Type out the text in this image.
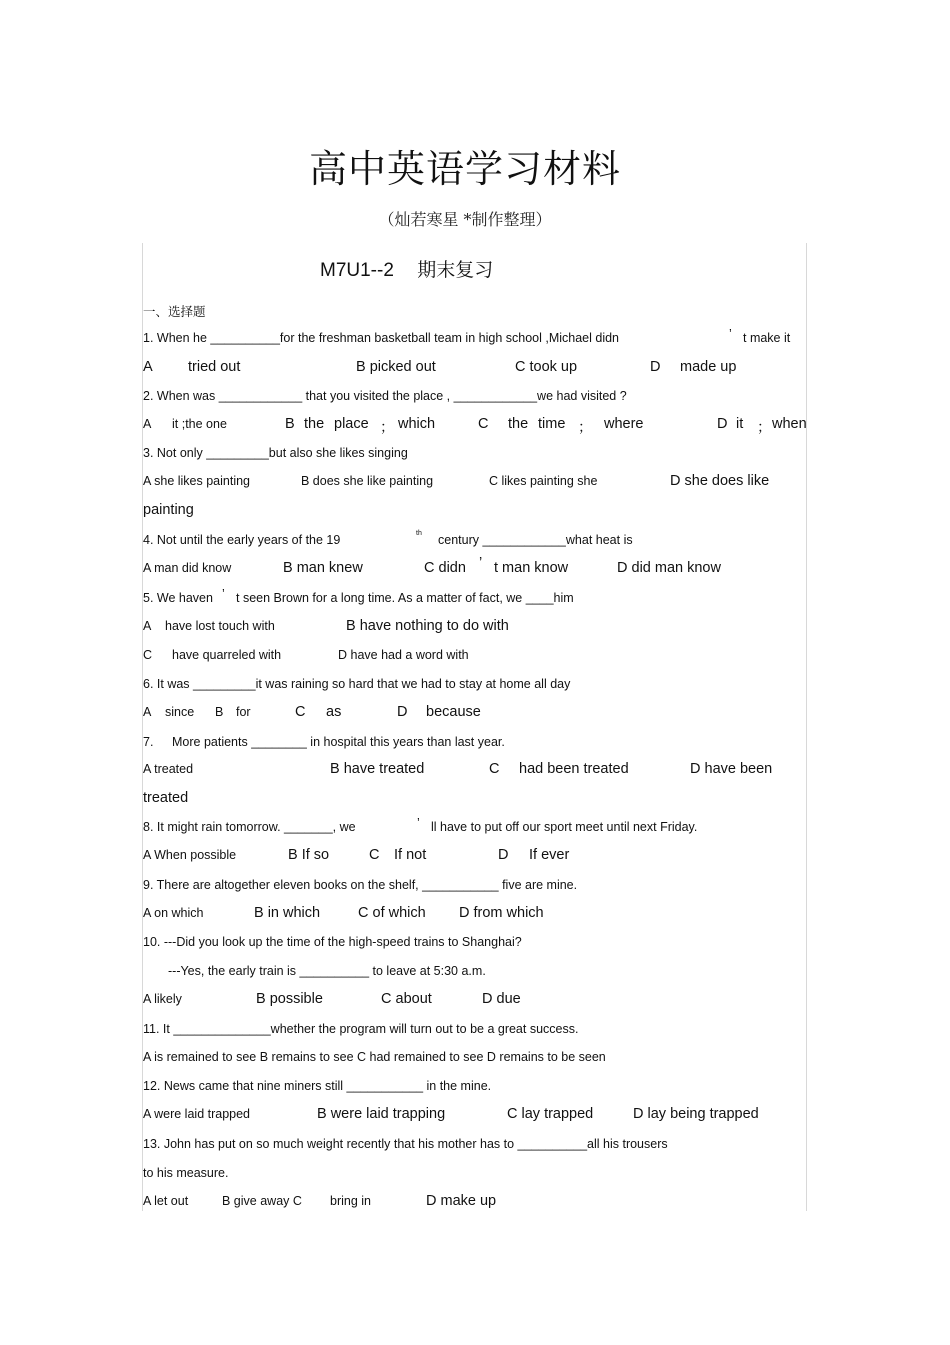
高中英语学习材料
（灿若寒星 *制作整理）
M7U1--2 期末复习
一、选择题
1. When he __________for the freshman basketball team in high school ,Michael didn	’ t make it
A tried out	B picked out	C took up	D made up
2. When was ____________ that you visited the place , ____________we had visited ?
A it ;the one	B the place ； which	C the time ； where	D it ； when
3. Not only _________but also she likes singing
A she likes painting	B does she like painting	C likes painting she	D she does like
painting
4. Not until the early years of the 19	th century ____________what heat is
A man did know	B man knew	C didn ’ t man know	D did man know
5. We haven ’ t seen Brown for a long time. As a matter of fact, we ____him
A have lost touch with	B have nothing to do with
C have quarreled with	D have had a word with
6. It was _________it was raining so hard that we had to stay at home all day
A since B for	C as	D because
7. More patients ________ in hospital this years than last year.
A treated	B have treated	C had been treated	D have been
treated
8. It might rain tomorrow. _______, we	’ ll have to put off our sport meet until next Friday.
A When possible	B If so	C If not	D If ever
9. There are altogether eleven books on the shelf, ___________ five are mine.
A on which	B in which	C of which D from which
10. ---Did you look up the time of the high-speed trains to Shanghai?
---Yes, the early train is __________ to leave at 5:30 a.m.
A likely	B possible	C about	D due
11. It ______________whether the program will turn out to be a great success.
A is remained to see B remains to see C had remained to see D remains to be seen
12. News came that nine miners still ___________ in the mine.
A were laid trapped	B were laid trapping	C lay trapped	D lay being trapped
13. John has put on so much weight recently that his mother has to __________all his trousers
to his measure.
A let out	B give away C bring in	D make up
